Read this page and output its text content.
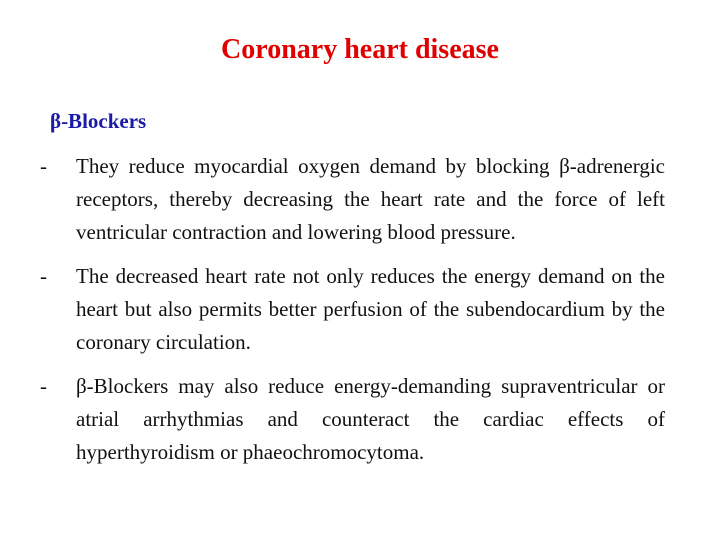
Coronary heart disease
β-Blockers
-	They reduce myocardial oxygen demand by blocking β-adrenergic receptors, thereby decreasing the heart rate and the force of left ventricular contraction and lowering blood pressure.
-	The decreased heart rate not only reduces the energy demand on the heart but also permits better perfusion of the subendocardium by the coronary circulation.
-	β-Blockers may also reduce energy-demanding supraventricular or atrial arrhythmias and counteract the cardiac effects of hyperthyroidism or phaeochromocytoma.
